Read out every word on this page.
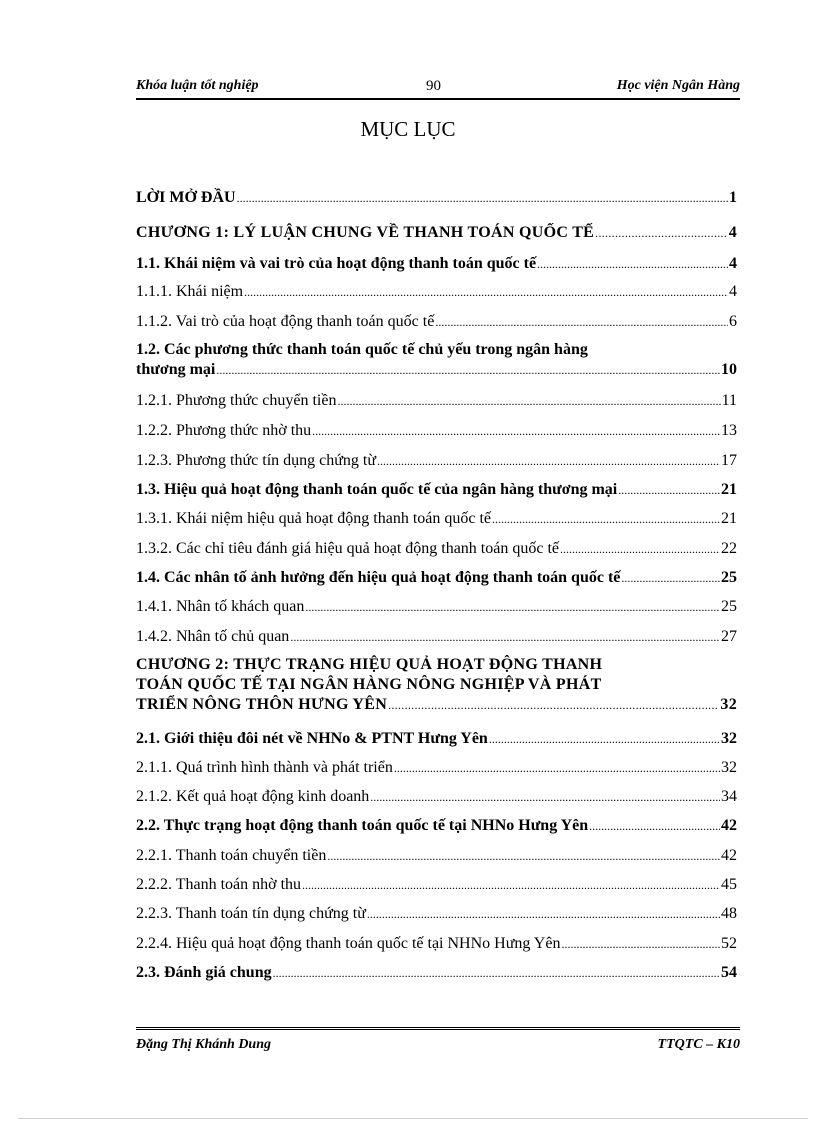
Khóa luận tốt nghiệp	90	Học viện Ngân Hàng
MỤC LỤC
LỜI MỞ ĐẦU .....	1
CHƯƠNG 1: LÝ LUẬN CHUNG VỀ THANH TOÁN QUỐC TẾ .....	4
1.1. Khái niệm và vai trò của hoạt động thanh toán quốc tế .....	4
1.1.1. Khái niệm .....	4
1.1.2. Vai trò của hoạt động thanh toán quốc tế .....	6
1.2. Các phương thức thanh toán quốc tế chủ yếu trong ngân hàng
thương mại .....	10
1.2.1. Phương thức chuyển tiền .....	11
1.2.2. Phương thức nhờ thu .....	13
1.2.3. Phương thức tín dụng chứng từ .....	17
1.3. Hiệu quả hoạt động thanh toán quốc tế của ngân hàng thương mại .....	21
1.3.1. Khái niệm hiệu quả hoạt động thanh toán quốc tế .....	21
1.3.2. Các chỉ tiêu đánh giá hiệu quả hoạt động thanh toán quốc tế .....	22
1.4. Các nhân tố ảnh hưởng đến hiệu quả hoạt động thanh toán quốc tế .....	25
1.4.1. Nhân tố khách quan .....	25
1.4.2. Nhân tố chủ quan .....	27
CHƯƠNG 2: THỰC TRẠNG HIỆU QUẢ HOẠT ĐỘNG THANH
TOÁN QUỐC TẾ TẠI NGÂN HÀNG NÔNG NGHIỆP VÀ PHÁT
TRIỂN NÔNG THÔN HƯNG YÊN .....	32
2.1. Giới thiệu đôi nét về NHNo & PTNT Hưng Yên .....	32
2.1.1. Quá trình hình thành và phát triển .....	32
2.1.2. Kết quả hoạt động kinh doanh .....	34
2.2. Thực trạng hoạt động thanh toán quốc tế tại NHNo Hưng Yên .....	42
2.2.1. Thanh toán chuyển tiền .....	42
2.2.2. Thanh toán nhờ thu .....	45
2.2.3. Thanh toán tín dụng chứng từ .....	48
2.2.4. Hiệu quả hoạt động thanh toán quốc tế tại NHNo Hưng Yên .....	52
2.3. Đánh giá chung .....	54
Đặng Thị Khánh Dung	TTQTC – K10
